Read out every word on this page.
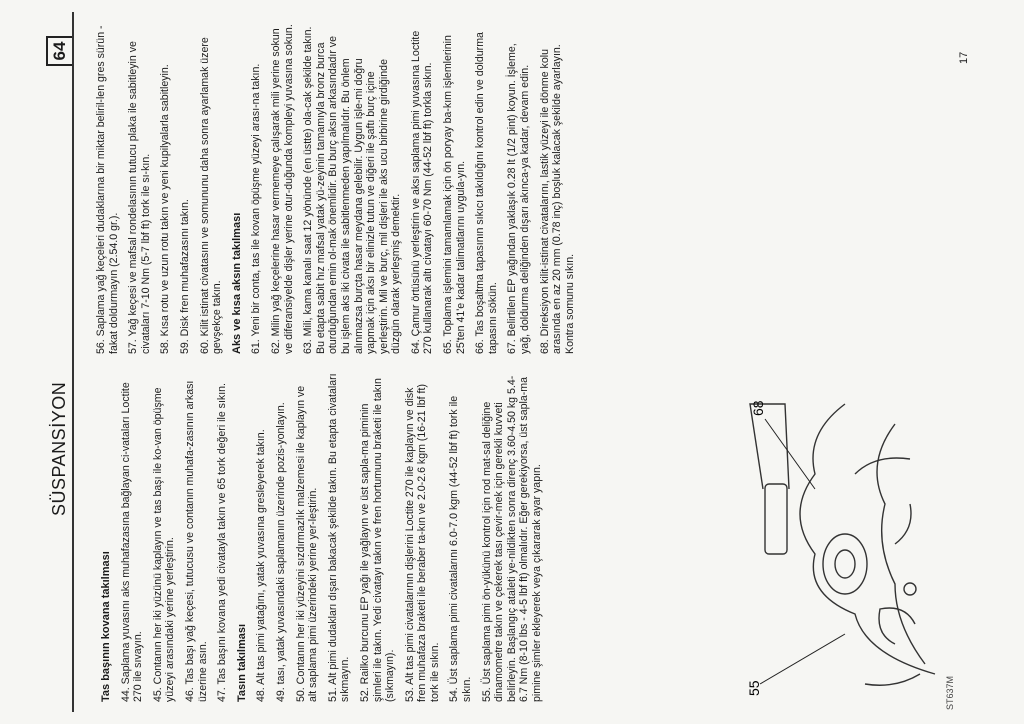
SÜSPANSİYON
64
Tas başının kovana takılması 44. Saplama yuvasını aks muhafazasına bağlayan ci-vataları Loctite 270 ile sıvayın. 45. Contanın her iki yüzünü kaplayın ve tas başı ile ko-van öpüşme yüzeyi arasındaki yerine yerleştirin. 46. Tas başı yağ keçesi, tutucusu ve contanın muhafa-zasının arkası üzerine asın. 47. Tas başını kovana yedi civatayla takın ve 65 tork değeri ile sıkın. Tasın takılması 48. Alt tas pimi yatağını, yatak yuvasına gresleyerek takın. 49. tası, yatak yuvasındaki saplamanın üzerinde pozis-yonlayın. 50. Contanın her iki yüzeyini sızdırmazlık malzemesi ile kaplayın ve alt saplama pimi üzerindeki yerine yer-leştirin. 51. Alt pimi dudakları dışarı bakacak şekilde takın. Bu etapta civataları sıkmayın. 52. Railko burcunu EP yağı ile yağlayın ve üst sapla-ma piminin şimleri ile takın. Yedi civatayı takın ve fren hortumunu braketi ile takın (sıkmayın). 53. Alt tas pimi civatalarının dişlerini Loctite 270 ile kaplayın ve disk fren muhafaza braketi ile beraber ta-kın ve 2.0-2.6 kgm (16-21 lbf ft) tork ile sıkın. 54. Üst saplama pimi civatalarını 6.0-7.0 kgm (44-52 lbf ft) tork ile sıkın. 55. Üst saplama pimi ön-yükünü kontrol için rod mat-sal deliğine dinamometre takın ve çekerek tası çevir-mek için gerekli kuvveti belirleyin. Başlangıç ataleti ye-nildikten sonra direnç 3.60-4.50 kg 5.4-6.7 Nm (8-10 lbs - 4-5 lbf ft) olmalıdır. Eğer gerekiyorsa, üst sapla-ma pimine şimler ekleyerek veya çıkararak ayar yapın.

56. Saplama yağ keçeleri dudaklarına bir miktar beliril-len gres sürün - fakat doldurmayın (2.54.0 gr.). 57. Yağ keçesi ve mafsal rondelasının tutucu plaka ile sabitleyin ve civataları 7-10 Nm (5-7 lbf ft) tork ile sı-kın. 58. Kısa rotu ve uzun rotu takın ve yeni kupilyalarla sabitleyin. 59. Disk fren muhafazasını takın. 60. Kilit istinat civatasını ve somununu daha sonra ayarlamak üzere gevşekçe takın. Aks ve kısa aksın takılması 61. Yeni bir conta, tas ile kovan öpüşme yüzeyi arası-na takın. 62. Milin yağ keçelerine hasar vermemeye çalışarak mili yerine sokun ve diferansiyelde dişler yerine otur-duğunda kompleyi yuvasına sokun. 63. Mili, kama kanalı saat 12 yönünde (en üstte) ola-cak şekilde takın. Bu etapta sabit hız mafsal yatak yü-zeyinin tamamıyla bronz burca oturduğundan emin ol-mak önemlidir. Bu burç aksın arkasındadır ve bu işlem aks iki civata ile sabitlenmeden yapılmalıdır. Bu önlem alınmazsa burçta hasar meydana gelebilir. Uygun işle-mi doğru yapmak için aksı bir elinizle tutun ve diğeri ile şaftı burç içine yerleştirin. Mil ve burç, mil dişleri ile aks ucu birbirine girdiğinde düzgün olarak yerleşmiş demektir. 64. Çamur örtüsünü yerleştirin ve aksı saplama pimi yuvasına Loctite 270 kullanarak altı civatayı 60-70 Nm (44-52 lbf ft) torkla sıkın. 65. Toplama işlemini tamamlamak için ön poryay ba-kım işlemlerinin 25'ten 41'e kadar talimatlarını uygula-yın. 66. Tas boşaltma tapasının sıkıcı takıldığını kontrol edin ve doldurma tapasını sökün. 67. Belirtilen EP yağından yaklaşık 0.28 lt (1/2 pint) koyun. İşleme, yağ, doldurma deliğinden dışarı akınca-ya kadar, devam edin. 68. Direksiyon kilit-istinat civatalarını, lastik yüzeyi ile dönme kolu arasında en az 20 mm (0.78 inç) boşluk kalacak şekilde ayarlayın. Kontra somunu sıkın.

68
55	ST637M
17
